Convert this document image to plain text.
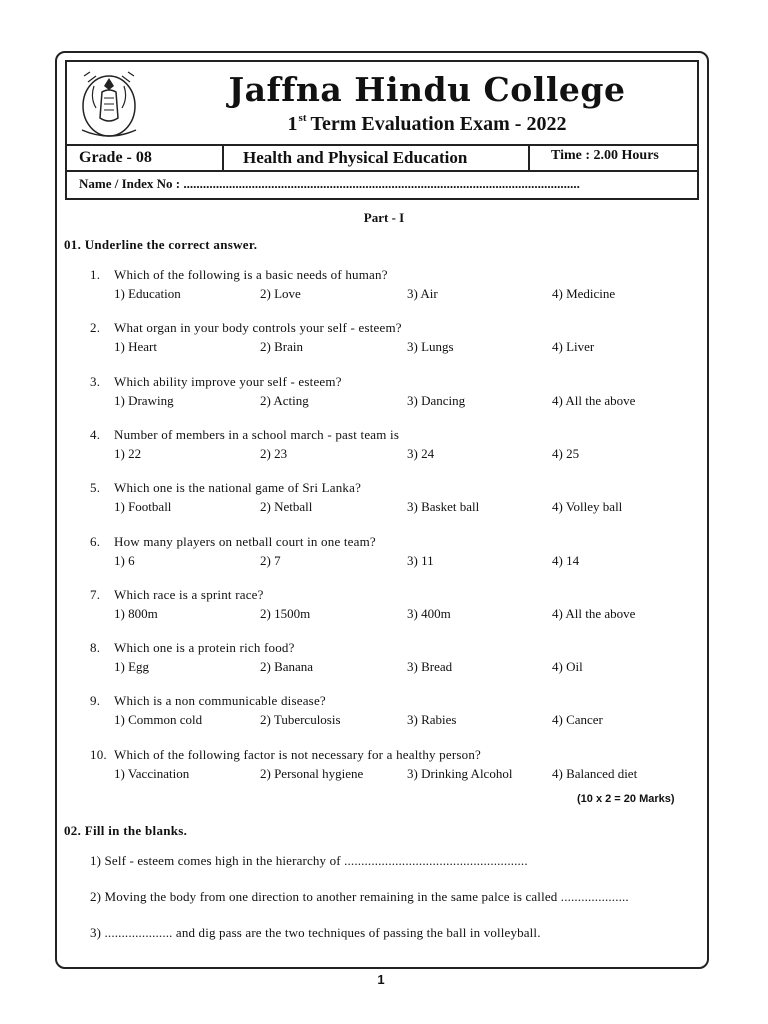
Jaffna Hindu College
1st Term Evaluation Exam - 2022
Grade - 08	Health and Physical Education	Time : 2.00 Hours
Name / Index No : ..........................................................................................................................
Part - I
01. Underline the correct answer.
1. Which of the following is a basic needs of human?
1) Education	2) Love	3) Air	4) Medicine
2. What organ in your body controls your self - esteem?
1) Heart	2) Brain	3) Lungs	4) Liver
3. Which ability improve your self - esteem?
1) Drawing	2) Acting	3) Dancing	4) All the above
4. Number of members in a school march - past team is
1) 22	2) 23	3) 24	4) 25
5. Which one is the national game of Sri Lanka?
1) Football	2) Netball	3) Basket ball	4) Volley ball
6. How many players on netball court in one team?
1) 6	2) 7	3) 11	4) 14
7. Which race is a sprint race?
1) 800m	2) 1500m	3) 400m	4) All the above
8. Which one is a protein rich food?
1) Egg	2) Banana	3) Bread	4) Oil
9. Which is a non communicable disease?
1) Common cold	2) Tuberculosis	3) Rabies	4) Cancer
10. Which of the following factor is not necessary for a healthy person?
1) Vaccination	2) Personal hygiene	3) Drinking Alcohol	4) Balanced diet
(10 x 2 = 20 Marks)
02. Fill in the blanks.
1) Self - esteem comes high in the hierarchy of ......................................................
2) Moving the body from one direction to another remaining in the same palce is called ....................
3) .................... and dig pass are the two techniques of passing the ball in volleyball.
1
